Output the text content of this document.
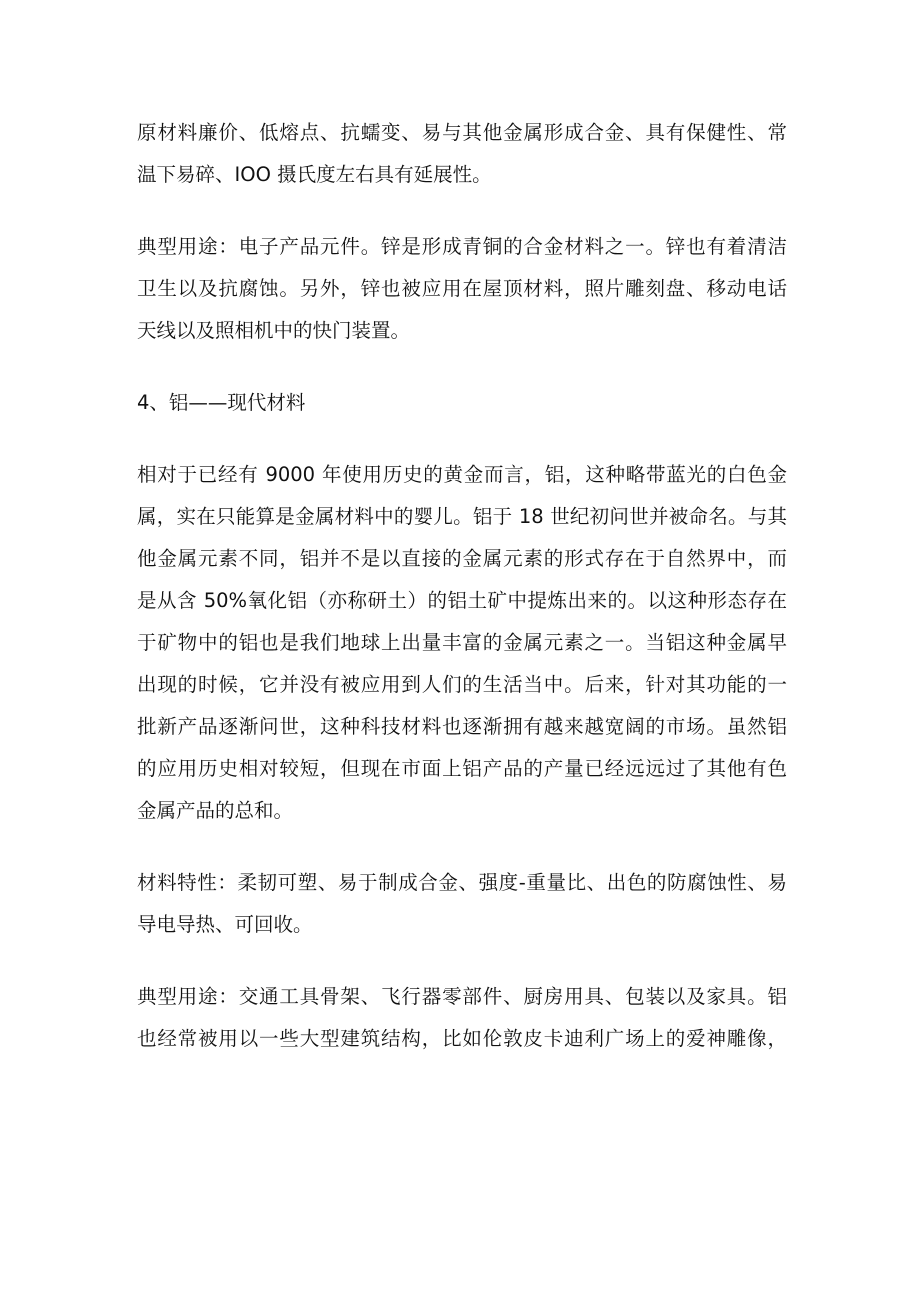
原材料廉价、低熔点、抗蠕变、易与其他金属形成合金、具有保健性、常
温下易碎、IOO 摄氏度左右具有延展性。

典型用途：电子产品元件。锌是形成青铜的合金材料之一。锌也有着清洁
卫生以及抗腐蚀。另外，锌也被应用在屋顶材料，照片雕刻盘、移动电话
天线以及照相机中的快门装置。

4、铝——现代材料

相对于已经有 9000 年使用历史的黄金而言，铝，这种略带蓝光的白色金
属，实在只能算是金属材料中的婴儿。铝于 18 世纪初问世并被命名。与其
他金属元素不同，铝并不是以直接的金属元素的形式存在于自然界中，而
是从含 50%氧化铝（亦称研土）的铝土矿中提炼出来的。以这种形态存在
于矿物中的铝也是我们地球上出量丰富的金属元素之一。当铝这种金属早
出现的时候，它并没有被应用到人们的生活当中。后来，针对其功能的一
批新产品逐渐问世，这种科技材料也逐渐拥有越来越宽阔的市场。虽然铝
的应用历史相对较短，但现在市面上铝产品的产量已经远远过了其他有色
金属产品的总和。

材料特性：柔韧可塑、易于制成合金、强度-重量比、出色的防腐蚀性、易
导电导热、可回收。

典型用途：交通工具骨架、飞行器零部件、厨房用具、包装以及家具。铝
也经常被用以一些大型建筑结构，比如伦敦皮卡迪利广场上的爱神雕像，
